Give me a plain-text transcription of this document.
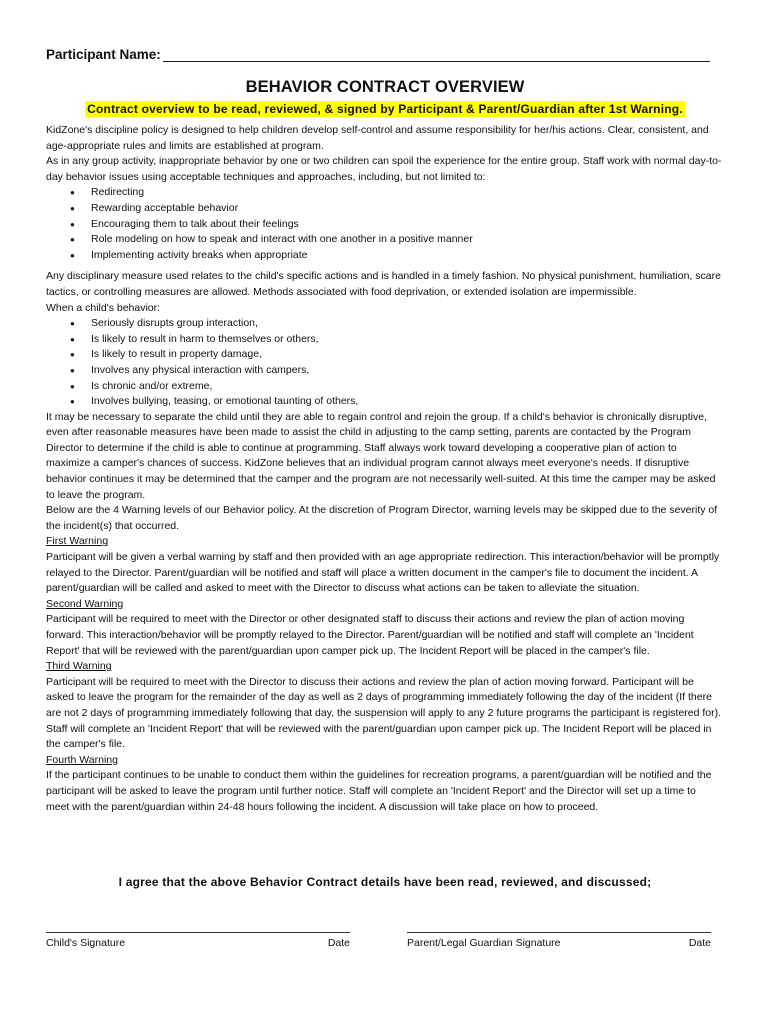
Participant Name:
BEHAVIOR CONTRACT OVERVIEW
Contract overview to be read, reviewed, & signed by Participant & Parent/Guardian after 1st Warning.

KidZone's discipline policy is designed to help children develop self-control and assume responsibility for her/his actions. Clear, consistent, and age-appropriate rules and limits are established at program.

As in any group activity, inappropriate behavior by one or two children can spoil the experience for the entire group. Staff work with normal day-to-day behavior issues using acceptable techniques and approaches, including, but not limited to:

● Redirecting
● Rewarding acceptable behavior
● Encouraging them to talk about their feelings
● Role modeling on how to speak and interact with one another in a positive manner
● Implementing activity breaks when appropriate

Any disciplinary measure used relates to the child's specific actions and is handled in a timely fashion. No physical punishment, humiliation, scare tactics, or controlling measures are allowed. Methods associated with food deprivation, or extended isolation are impermissible.

When a child's behavior:

● Seriously disrupts group interaction,
● Is likely to result in harm to themselves or others,
● Is likely to result in property damage,
● Involves any physical interaction with campers,
● Is chronic and/or extreme,
● Involves bullying, teasing, or emotional taunting of others,

It may be necessary to separate the child until they are able to regain control and rejoin the group. If a child's behavior is chronically disruptive, even after reasonable measures have been made to assist the child in adjusting to the camp setting, parents are contacted by the Program Director to determine if the child is able to continue at programming. Staff always work toward developing a cooperative plan of action to maximize a camper's chances of success. KidZone believes that an individual program cannot always meet everyone's needs. If disruptive behavior continues it may be determined that the camper and the program are not necessarily well-suited. At this time the camper may be asked to leave the program.

Below are the 4 Warning levels of our Behavior policy. At the discretion of Program Director, warning levels may be skipped due to the severity of the incident(s) that occurred.

First Warning

Participant will be given a verbal warning by staff and then provided with an age appropriate redirection. This interaction/behavior will be promptly relayed to the Director. Parent/guardian will be notified and staff will place a written document in the camper's file to document the incident. A parent/guardian will be called and asked to meet with the Director to discuss what actions can be taken to alleviate the situation.

Second Warning

Participant will be required to meet with the Director or other designated staff to discuss their actions and review the plan of action moving forward. This interaction/behavior will be promptly relayed to the Director. Parent/guardian will be notified and staff will complete an 'Incident Report' that will be reviewed with the parent/guardian upon camper pick up. The Incident Report will be placed in the camper's file.

Third Warning

Participant will be required to meet with the Director to discuss their actions and review the plan of action moving forward. Participant will be asked to leave the program for the remainder of the day as well as 2 days of programming immediately following the day of the incident (If there are not 2 days of programming immediately following that day, the suspension will apply to any 2 future programs the participant is registered for). Staff will complete an 'Incident Report' that will be reviewed with the parent/guardian upon camper pick up. The Incident Report will be placed in the camper's file.

Fourth Warning

If the participant continues to be unable to conduct them within the guidelines for recreation programs, a parent/guardian will be notified and the participant will be asked to leave the program until further notice. Staff will complete an 'Incident Report' and the Director will set up a time to meet with the parent/guardian within 24-48 hours following the incident. A discussion will take place on how to proceed.

I agree that the above Behavior Contract details have been read, reviewed, and discussed;
Child's Signature	Date	Parent/Legal Guardian Signature	Date
